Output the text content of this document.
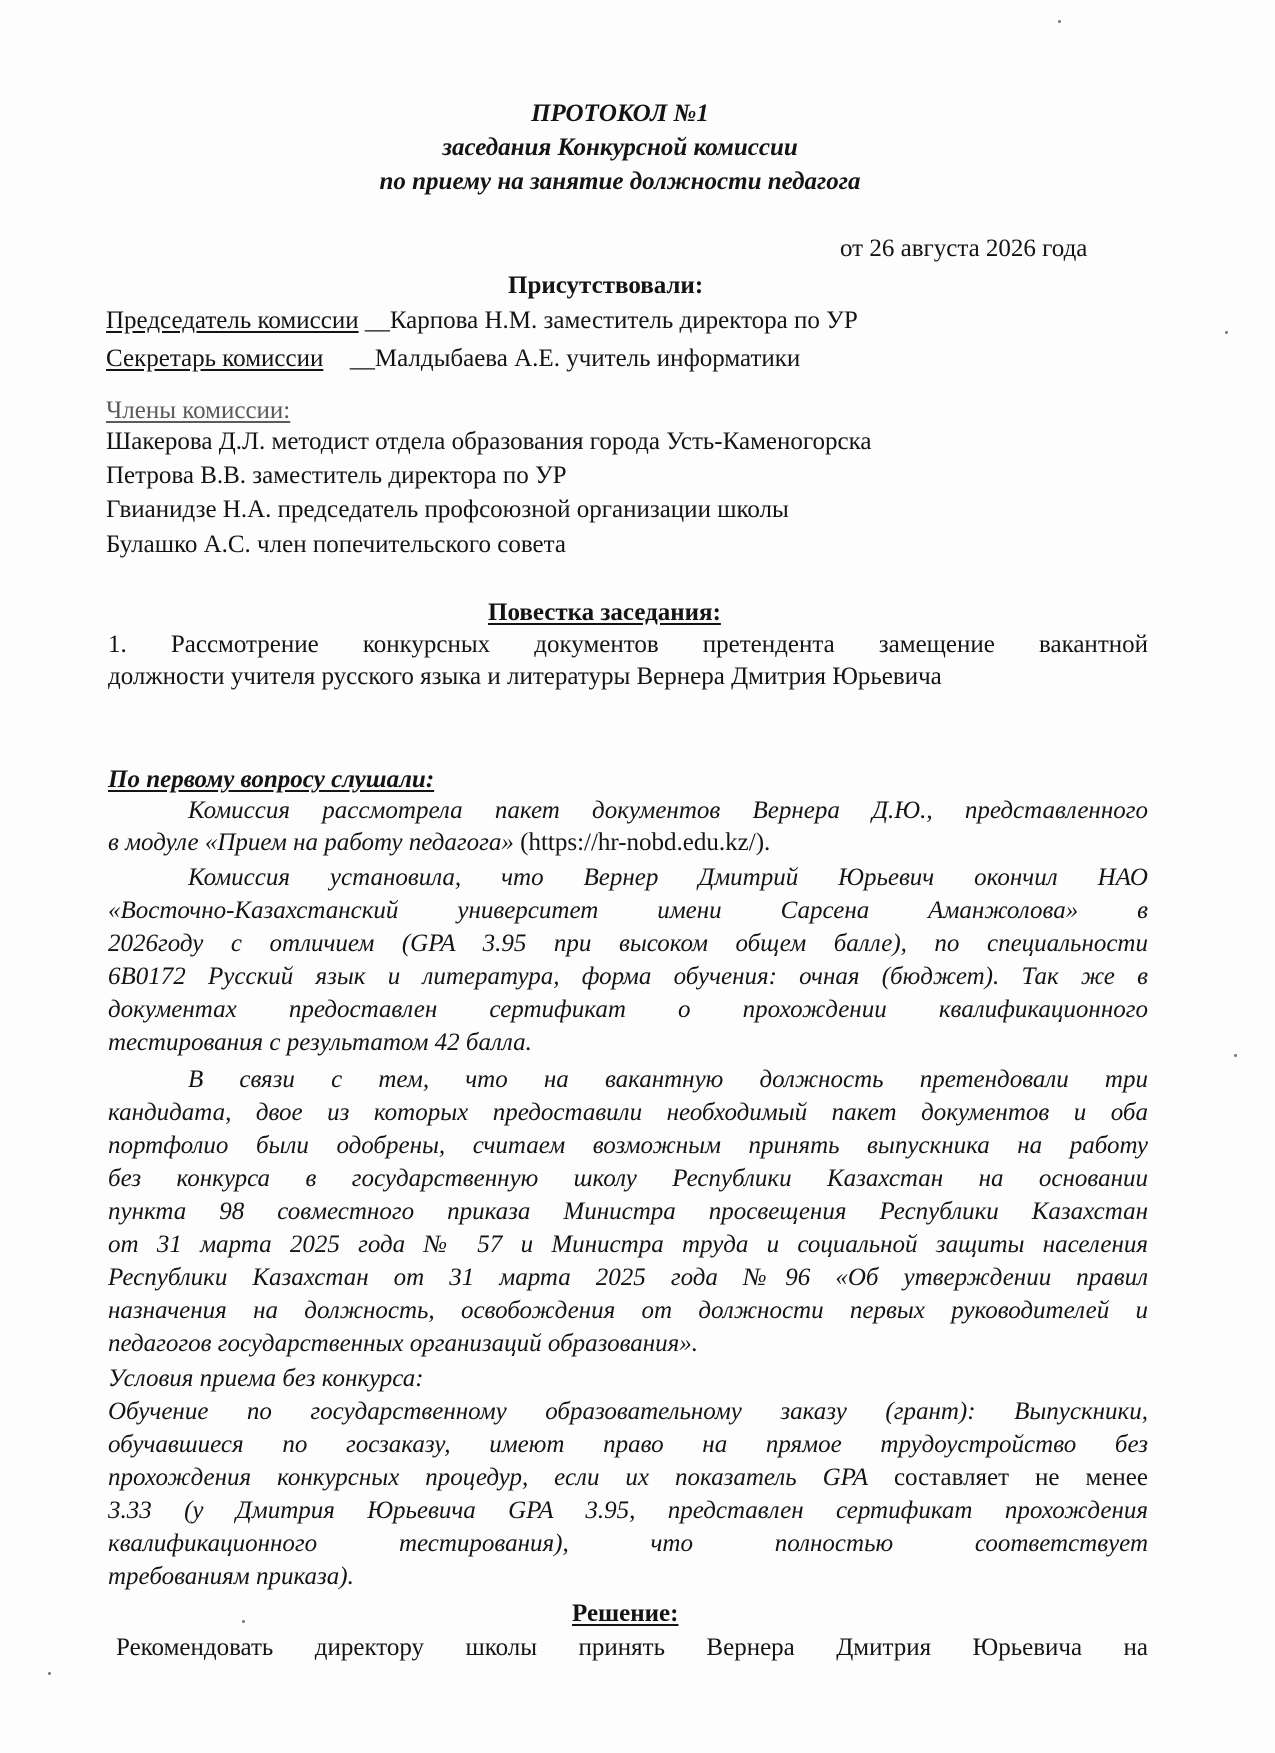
ПРОТОКОЛ №1
заседания Конкурсной комиссии
по приему на занятие должности педагога
от 26 августа 2026 года
Присутствовали:
Председатель комиссии __Карпова Н.М. заместитель директора по УР
Секретарь комиссии __Малдыбаева А.Е. учитель информатики
Члены комиссии:
Шакерова Д.Л. методист отдела образования города Усть-Каменогорска
Петрова В.В. заместитель директора по УР
Гвианидзе Н.А. председатель профсоюзной организации школы
Булашко А.С. член попечительского совета
Повестка заседания:
1. Рассмотрение конкурсных документов претендента замещение вакантной
должности учителя русского языка и литературы Вернера Дмитрия Юрьевича
По первому вопросу слушали:
Комиссия рассмотрела пакет документов Вернера Д.Ю., представленного
в модуле «Прием на работу педагога» (https://hr-nobd.edu.kz/).
Комиссия установила, что Вернер Дмитрий Юрьевич окончил НАО
«Восточно-Казахстанский университет имени Сарсена Аманжолова» в
2026году с отличием (GPA 3.95 при высоком общем балле), по специальности
6В0172 Русский язык и литература, форма обучения: очная (бюджет). Так же в
документах предоставлен сертификат о прохождении квалификационного
тестирования с результатом 42 балла.
В связи с тем, что на вакантную должность претендовали три
кандидата, двое из которых предоставили необходимый пакет документов и оба
портфолио были одобрены, считаем возможным принять выпускника на работу
без конкурса в государственную школу Республики Казахстан на основании
пункта 98 совместного приказа Министра просвещения Республики Казахстан
от 31 марта 2025 года № 57 и Министра труда и социальной защиты населения
Республики Казахстан от 31 марта 2025 года №96 «Об утверждении правил
назначения на должность, освобождения от должности первых руководителей и
педагогов государственных организаций образования».
Условия приема без конкурса:
Обучение по государственному образовательному заказу (грант): Выпускники,
обучавшиеся по госзаказу, имеют право на прямое трудоустройство без
прохождения конкурсных процедур, если их показатель GPA составляет не менее
3.33 (у Дмитрия Юрьевича GPA 3.95, представлен сертификат прохождения
квалификационного тестирования), что полностью соответствует
требованиям приказа).
Решение:
Рекомендовать директору школы принять Вернера Дмитрия Юрьевича на
